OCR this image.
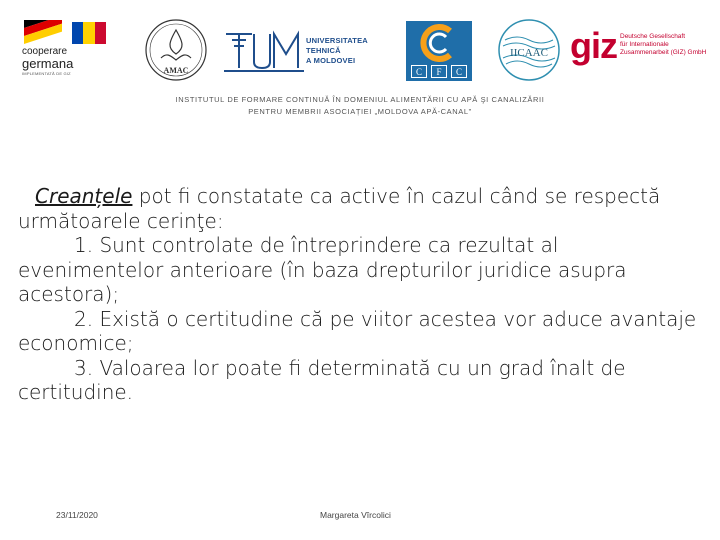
cooperare
germana
IMPLEMENTATĂ DE GIZ	AMAC
UNIVERSITATEA TEHNICĂ
A MOLDOVEI
C	F	C
IICAAC giz Deutsche Gesellschaft
für Internationale
Zusammenarbeit (GIZ) GmbH
INSTITUTUL DE FORMARE CONTINUĂ ÎN DOMENIUL ALIMENTĂRII CU APĂ ŞI CANALIZĂRII
PENTRU MEMBRII ASOCIAȚIEI „MOLDOVA APĂ-CANAL”

Creanțele pot fi constatate ca active în cazul când se respectă următoarele cerinţe:

1. Sunt controlate de întreprindere ca rezultat al evenimentelor anterioare (în baza drepturilor juridice asupra acestora);

2. Există o certitudine că pe viitor acestea vor aduce avantaje economice;

3. Valoarea lor poate fi determinată cu un grad înalt de certitudine.

23/11/2020	Margareta Vîrcolici
